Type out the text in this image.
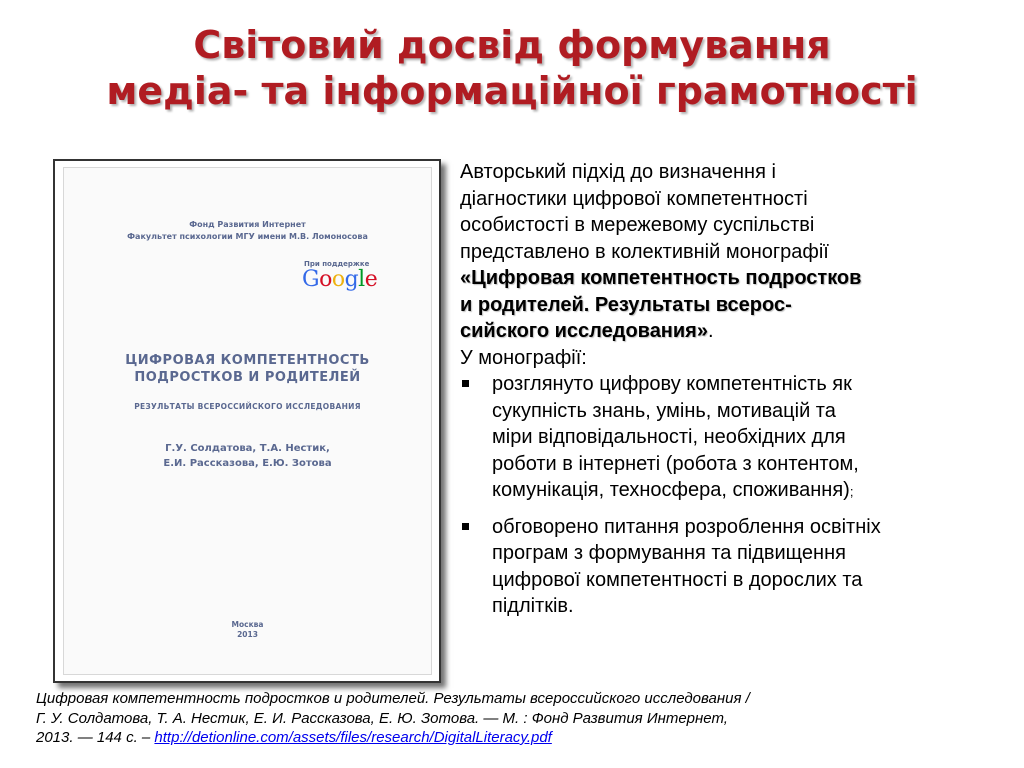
Світовий досвід формування
медіа- та інформаційної грамотності
Фонд Развития Интернет
Факультет психологии МГУ имени М.В. Ломоносова
При поддержке
Google
ЦИФРОВАЯ КОМПЕТЕНТНОСТЬ
ПОДРОСТКОВ И РОДИТЕЛЕЙ
РЕЗУЛЬТАТЫ ВСЕРОССИЙСКОГО ИССЛЕДОВАНИЯ
Г.У. Солдатова, Т.А. Нестик,
Е.И. Рассказова, Е.Ю. Зотова
Москва
2013

Авторський підхід до визначення і

діагностики цифрової компетентності

особистості в мережевому суспільстві

представлено в колективній монографії

«Цифровая компетентность подростков

и родителей. Результаты всерос-

сийского исследования».

У монографії:

розглянуто цифрову компетентність як

сукупність знань, умінь, мотивацій та

міри відповідальності, необхідних для

роботи в інтернеті (робота з контентом,

комунікація, техносфера, споживання);

обговорено питання розроблення освітніх

програм з формування та підвищення

цифрової компетентності в дорослих та

підлітків.

Цифровая компетентность подростков и родителей. Результаты всероссийского исследования /
Г. У. Солдатова, Т. А. Нестик, Е. И. Рассказова, Е. Ю. Зотова. — М. : Фонд Развития Интернет,
2013. — 144 с. – http://detionline.com/assets/files/research/DigitalLiteracy.pdf
